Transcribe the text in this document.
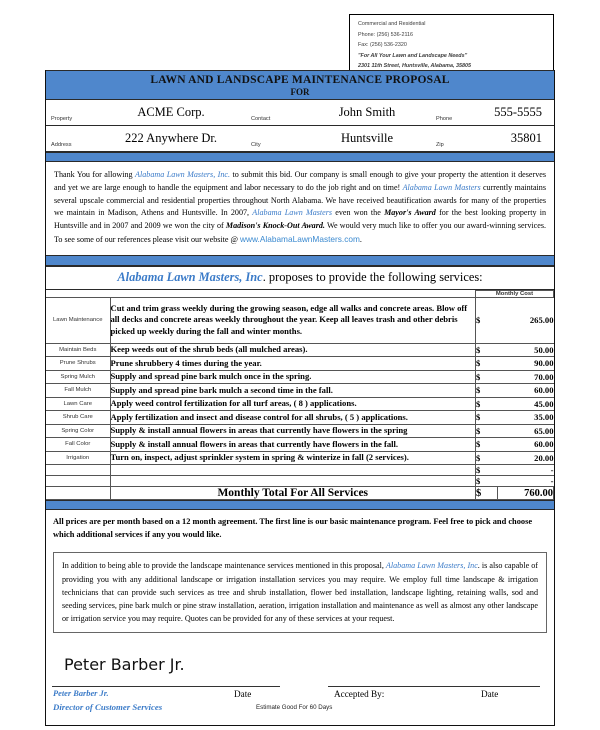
Commercial and Residential
Phone: (256) 536-2116
Fax: (256) 536-2320
"For All Your Lawn and Landscape Needs"
2301 11th Street, Huntsville, Alabama, 35805
LAWN AND LANDSCAPE MAINTENANCE PROPOSAL
FOR
Property	ACME Corp.	Contact	John Smith	Phone	555-5555
Address	222 Anywhere Dr.	City	Huntsville	Zip	35801
Thank You for allowing Alabama Lawn Masters, Inc. to submit this bid. Our company is small enough to give your property the attention it deserves and yet we are large enough to handle the equipment and labor necessary to do the job right and on time! Alabama Lawn Masters currently maintains several upscale commercial and residential properties throughout North Alabama. We have received beautification awards for many of the properties we maintain in Madison, Athens and Huntsville. In 2007, Alabama Lawn Masters even won the Mayor's Award for the best looking property in Huntsville and in 2007 and 2009 we won the city of Madison's Knock-Out Award. We would very much like to offer you our award-winning services. To see some of our references please visit our website @ www.AlabamaLawnMasters.com.
Alabama Lawn Masters, Inc. proposes to provide the following services:
		Monthly Cost	
Lawn Maintenance	Cut and trim grass weekly during the growing season, edge all walks and concrete areas. Blow off all decks and concrete areas weekly throughout the year. Keep all leaves trash and other debris picked up weekly during the fall and winter months.	$	265.00
Maintain Beds	Keep weeds out of the shrub beds (all mulched areas).	$	50.00
Prune Shrubs	Prune shrubbery 4 times during the year.	$	90.00
Spring Mulch	Supply and spread pine bark mulch once in the spring.	$	70.00
Fall Mulch	Supply and spread pine bark mulch a second time in the fall.	$	60.00
Lawn Care	Apply weed control fertilization for all turf areas, ( 8 ) applications.	$	45.00
Shrub Care	Apply fertilization and insect and disease control for all shrubs, ( 5 ) applications.	$	35.00
Spring Color	Supply & install annual flowers in areas that currently have flowers in the spring	$	65.00
Fall Color	Supply & install annual flowers in areas that currently have flowers in the fall.	$	60.00
Irrigation	Turn on, inspect, adjust sprinkler system in spring & winterize in fall (2 services).	$	20.00
		$	-
		$	-
	Monthly Total For All Services	$	760.00
All prices are per month based on a 12 month agreement. The first line is our basic maintenance program. Feel free to pick and choose which additional services if any you would like.
In addition to being able to provide the landscape maintenance services mentioned in this proposal, Alabama Lawn Masters, Inc. is also capable of providing you with any additional landscape or irrigation installation services you may require. We employ full time landscape & irrigation technicians that can provide such services as tree and shrub installation, flower bed installation, landscape lighting, retaining walls, sod and seeding services, pine bark mulch or pine straw installation, aeration, irrigation installation and maintenance as well as almost any other landscape or irrigation service you may require. Quotes can be provided for any of these services at your request.
Peter Barber Jr.
Peter Barber Jr.
Director of Customer Services
Date	Accepted By:	Date
Estimate Good For 60 Days
